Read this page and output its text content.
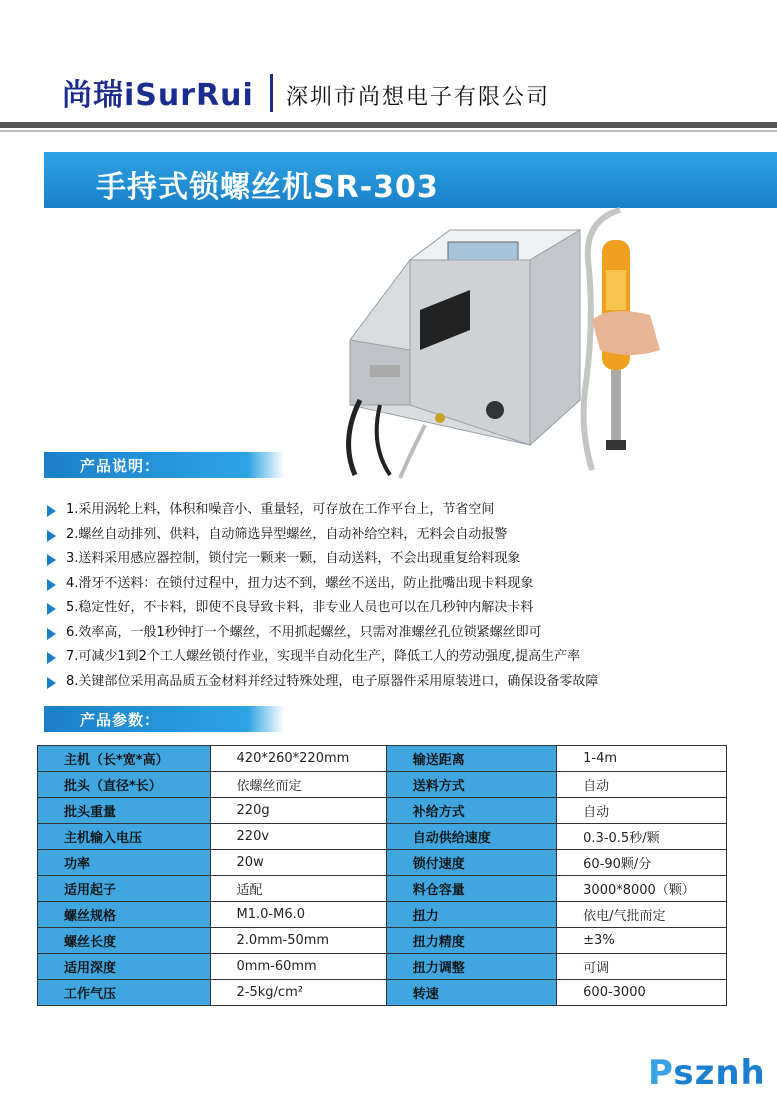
尚瑞iSurRui 深圳市尚想电子有限公司
手持式锁螺丝机SR-303
产品说明：
1.采用涡轮上料，体积和噪音小、重量轻，可存放在工作平台上，节省空间
2.螺丝自动排列、供料，自动筛选异型螺丝，自动补给空料，无料会自动报警
3.送料采用感应器控制，锁付完一颗来一颗，自动送料，不会出现重复给料现象
4.滑牙不送料：在锁付过程中，扭力达不到，螺丝不送出，防止批嘴出现卡料现象
5.稳定性好，不卡料，即使不良导致卡料，非专业人员也可以在几秒钟内解决卡料
6.效率高，一般1秒钟打一个螺丝，不用抓起螺丝，只需对准螺丝孔位锁紧螺丝即可
7.可减少1到2个工人螺丝锁付作业，实现半自动化生产，降低工人的劳动强度,提高生产率
8.关键部位采用高品质五金材料并经过特殊处理，电子原器件采用原装进口，确保设备零故障
产品参数：
主机（长*宽*高）	420*260*220mm	输送距离	1-4m
批头（直径*长）	依螺丝而定	送料方式	自动
批头重量	220g	补给方式	自动
主机输入电压	220v	自动供给速度	0.3-0.5秒/颗
功率	20w	锁付速度	60-90颗/分
适用起子	适配	料仓容量	3000*8000（颗）
螺丝规格	M1.0-M6.0	扭力	依电/气批而定
螺丝长度	2.0mm-50mm	扭力精度	±3%
适用深度	0mm-60mm	扭力调整	可调
工作气压	2-5kg/cm²	转速	600-3000
Psznh
